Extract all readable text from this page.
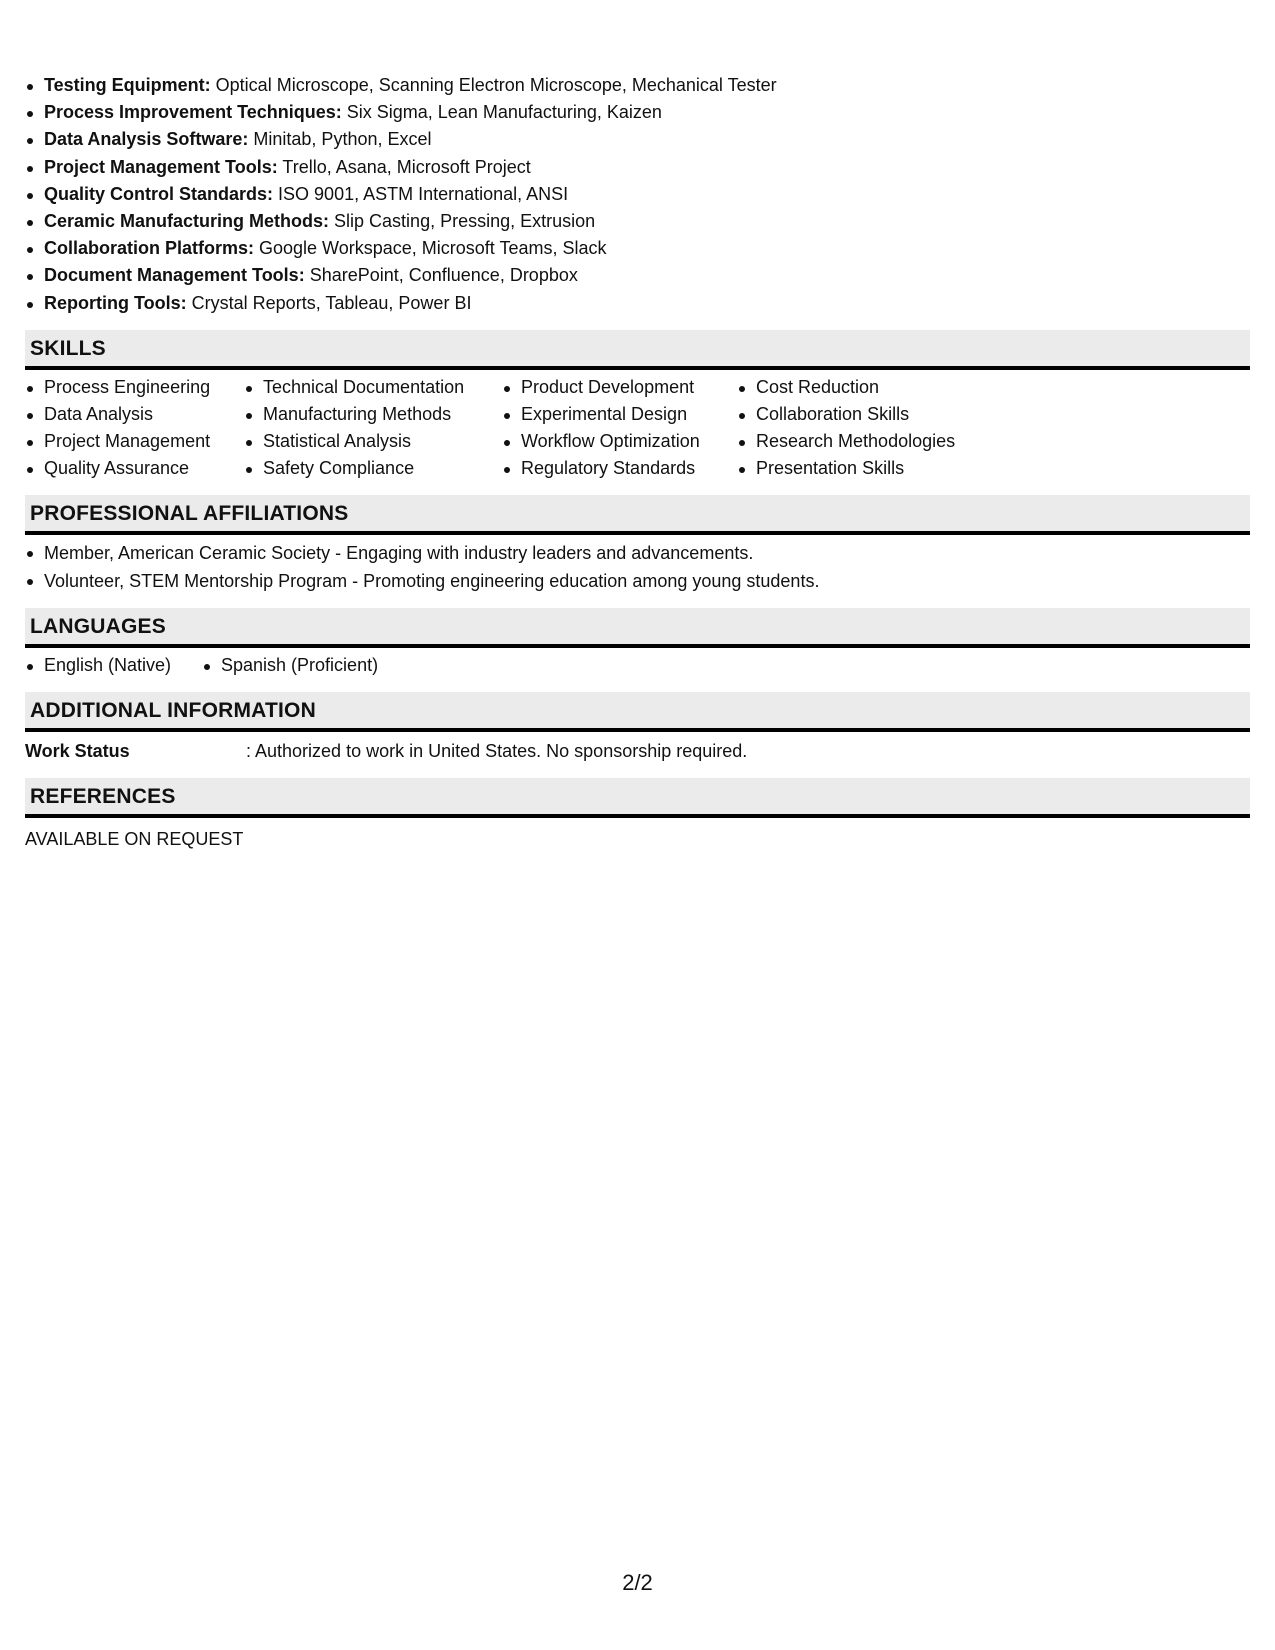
Testing Equipment: Optical Microscope, Scanning Electron Microscope, Mechanical Tester
Process Improvement Techniques: Six Sigma, Lean Manufacturing, Kaizen
Data Analysis Software: Minitab, Python, Excel
Project Management Tools: Trello, Asana, Microsoft Project
Quality Control Standards: ISO 9001, ASTM International, ANSI
Ceramic Manufacturing Methods: Slip Casting, Pressing, Extrusion
Collaboration Platforms: Google Workspace, Microsoft Teams, Slack
Document Management Tools: SharePoint, Confluence, Dropbox
Reporting Tools: Crystal Reports, Tableau, Power BI
SKILLS
Process Engineering
Data Analysis
Project Management
Quality Assurance
Technical Documentation
Manufacturing Methods
Statistical Analysis
Safety Compliance
Product Development
Experimental Design
Workflow Optimization
Regulatory Standards
Cost Reduction
Collaboration Skills
Research Methodologies
Presentation Skills
PROFESSIONAL AFFILIATIONS
Member, American Ceramic Society - Engaging with industry leaders and advancements.
Volunteer, STEM Mentorship Program - Promoting engineering education among young students.
LANGUAGES
English (Native)	Spanish (Proficient)
ADDITIONAL INFORMATION
Work Status	: Authorized to work in United States. No sponsorship required.
REFERENCES
AVAILABLE ON REQUEST
2/2
